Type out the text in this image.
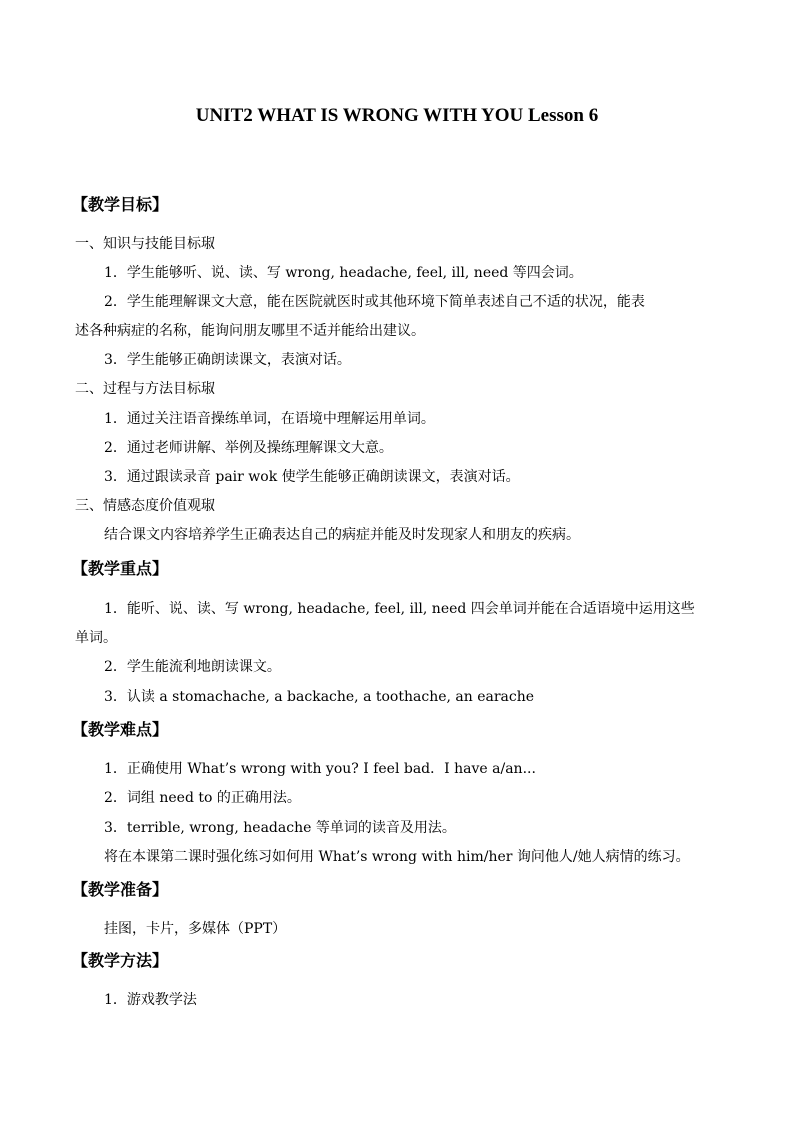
UNIT2 WHAT IS WRONG WITH YOU Lesson 6
【教学目标】
一、知识与技能目标琡
1．学生能够听、说、读、写 wrong, headache, feel, ill, need 等四会词。
2．学生能理解课文大意，能在医院就医时或其他环境下简单表述自己不适的状况，能表
述各种病症的名称，能询问朋友哪里不适并能给出建议。
3．学生能够正确朗读课文，表演对话。
二、过程与方法目标琡
1．通过关注语音操练单词，在语境中理解运用单词。
2．通过老师讲解、举例及操练理解课文大意。
3．通过跟读录音 pair wok 使学生能够正确朗读课文，表演对话。
三、情感态度价值观琡
结合课文内容培养学生正确表达自己的病症并能及时发现家人和朋友的疾病。
【教学重点】
1．能听、说、读、写 wrong, headache, feel, ill, need 四会单词并能在合适语境中运用这些
单词。
2．学生能流利地朗读课文。
3．认读 a stomachache, a backache, a toothache, an earache
【教学难点】
1．正确使用 What’s wrong with you? I feel bad．I have a/an...
2．词组 need to 的正确用法。
3．terrible, wrong, headache 等单词的读音及用法。
将在本课第二课时强化练习如何用 What’s wrong with him/her 询问他人/她人病情的练习。
【教学准备】
挂图，卡片，多媒体（PPT）
【教学方法】
1．游戏教学法
